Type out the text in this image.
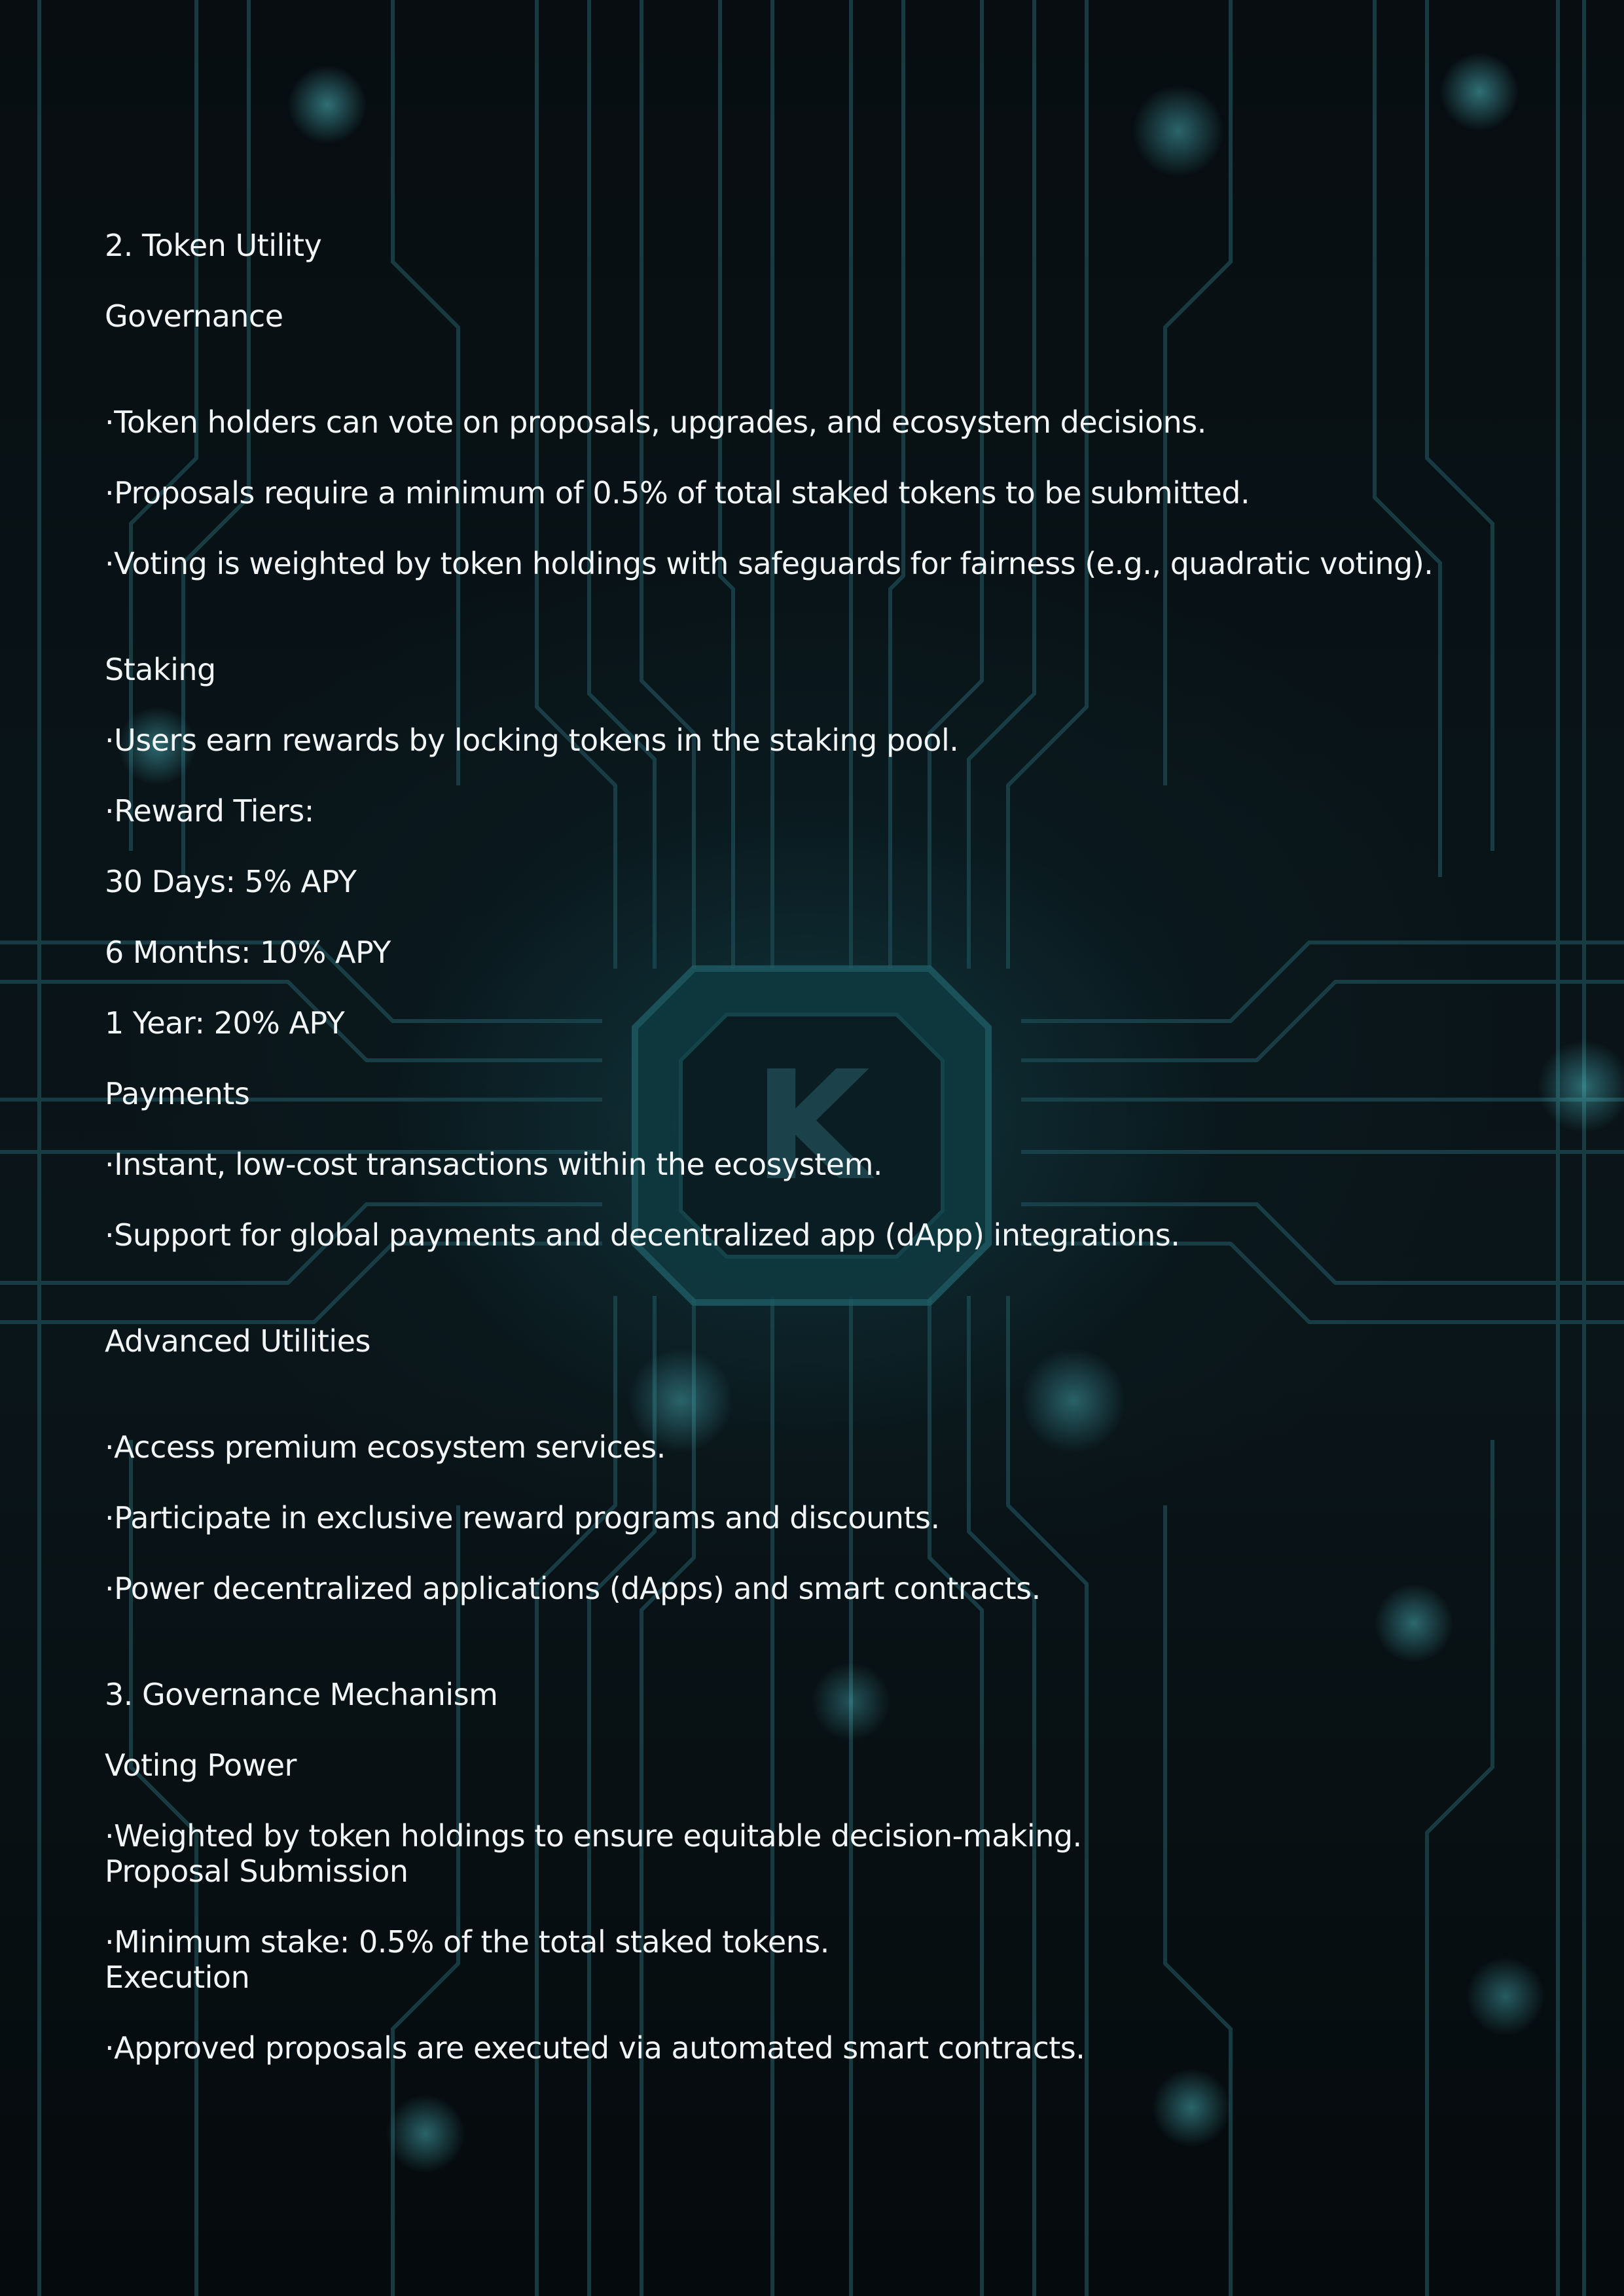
K
2. Token Utility
Governance
·Token holders can vote on proposals, upgrades, and ecosystem decisions.
·Proposals require a minimum of 0.5% of total staked tokens to be submitted.
·Voting is weighted by token holdings with safeguards for fairness (e.g., quadratic voting).
Staking
·Users earn rewards by locking tokens in the staking pool.
·Reward Tiers:
30 Days: 5% APY
6 Months: 10% APY
1 Year: 20% APY
Payments
·Instant, low-cost transactions within the ecosystem.
·Support for global payments and decentralized app (dApp) integrations.
Advanced Utilities
·Access premium ecosystem services.
·Participate in exclusive reward programs and discounts.
·Power decentralized applications (dApps) and smart contracts.
3. Governance Mechanism
Voting Power
·Weighted by token holdings to ensure equitable decision-making.
Proposal Submission
·Minimum stake: 0.5% of the total staked tokens.
Execution
·Approved proposals are executed via automated smart contracts.
